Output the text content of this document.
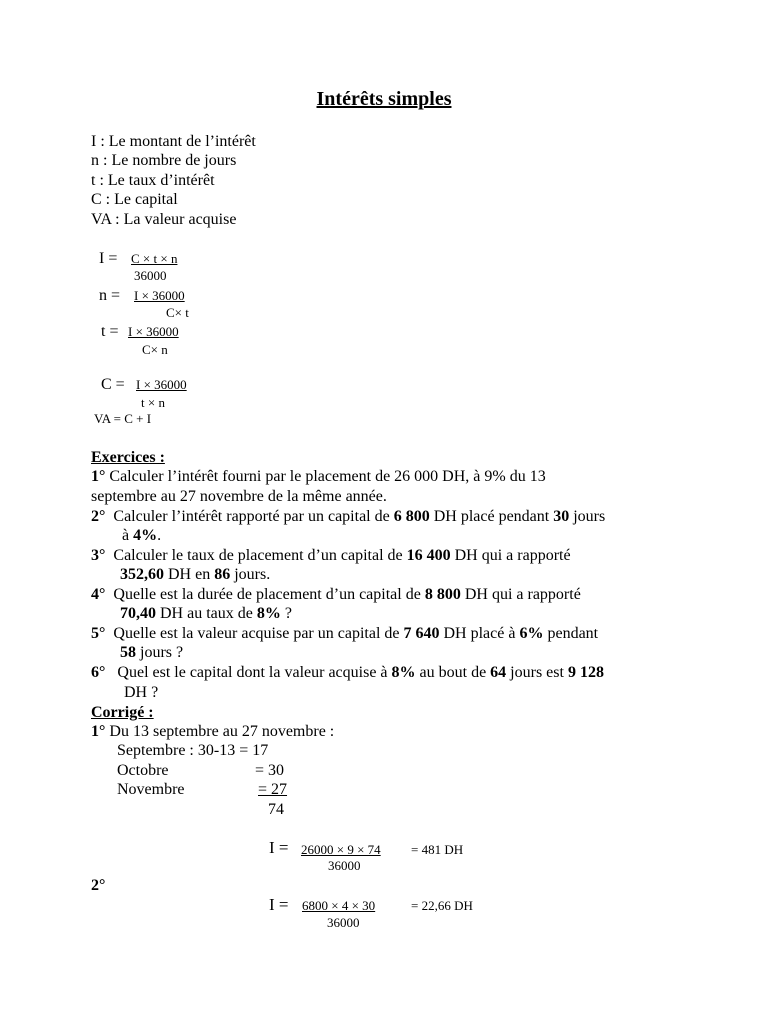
Intérêts simples
I : Le montant de l’intérêt
n : Le nombre de jours
t : Le taux d’intérêt
C : Le capital
VA : La valeur acquise
I = C × t × n
36000
n = I × 36000
C× t
t = I × 36000
C× n
C = I × 36000
t × n
VA = C + I
Exercices :
1° Calculer l’intérêt fourni par le placement de 26 000 DH, à 9% du 13
septembre au 27 novembre de la même année.
2°  Calculer l’intérêt rapporté par un capital de 6 800 DH placé pendant 30 jours
à 4%.
3°  Calculer le taux de placement d’un capital de 16 400 DH qui a rapporté
352,60 DH en 86 jours.
4°  Quelle est la durée de placement d’un capital de 8 800 DH qui a rapporté
70,40 DH au taux de 8% ?
5°  Quelle est la valeur acquise par un capital de 7 640 DH placé à 6% pendant
58 jours ?
6°   Quel est le capital dont la valeur acquise à 8% au bout de 64 jours est 9 128
DH ?
Corrigé :
1° Du 13 septembre au 27 novembre :
Septembre : 30-13 = 17
Octobre	= 30
Novembre	= 27
74
I = 26000 × 9 × 74
36000
= 481 DH
2°
I = 6800 × 4 × 30
36000
= 22,66 DH
